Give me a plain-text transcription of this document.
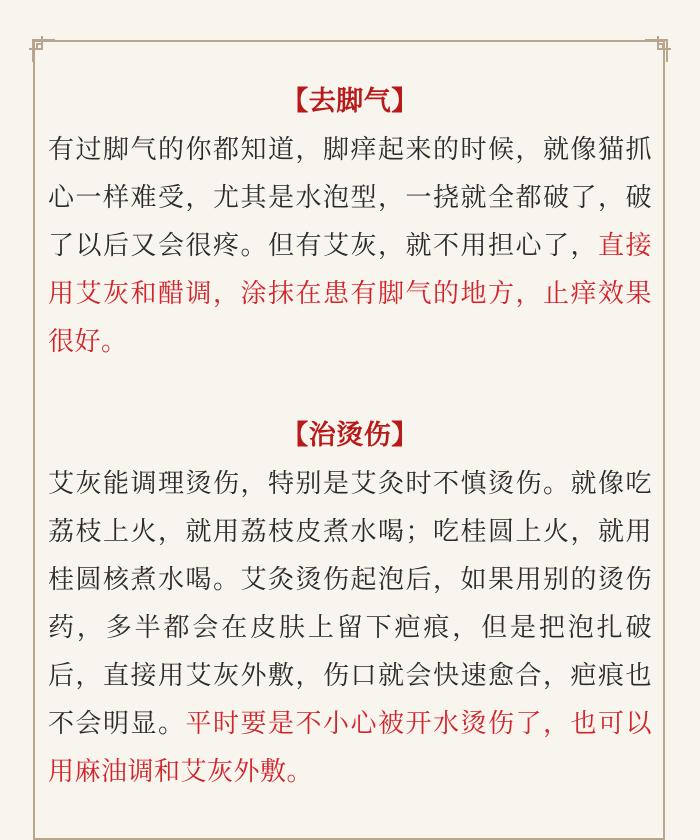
【去脚气】

有过脚气的你都知道，脚痒起来的时候，就像猫抓心一样难受，尤其是水泡型，一挠就全都破了，破了以后又会很疼。但有艾灰，就不用担心了，直接用艾灰和醋调，涂抹在患有脚气的地方，止痒效果很好。

【治烫伤】

艾灰能调理烫伤，特别是艾灸时不慎烫伤。就像吃荔枝上火，就用荔枝皮煮水喝；吃桂圆上火，就用桂圆核煮水喝。艾灸烫伤起泡后，如果用别的烫伤药，多半都会在皮肤上留下疤痕，但是把泡扎破后，直接用艾灰外敷，伤口就会快速愈合，疤痕也不会明显。平时要是不小心被开水烫伤了，也可以用麻油调和艾灰外敷。
